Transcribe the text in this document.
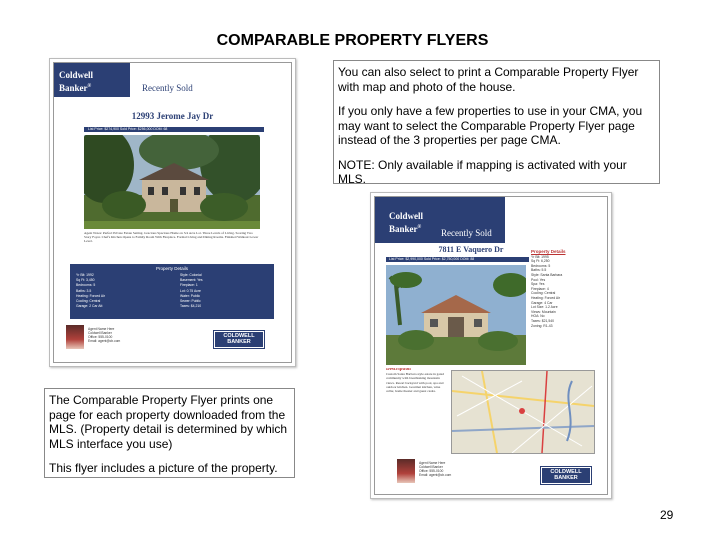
COMPARABLE PROPERTY FLYERS
Coldwell
Banker®	Recently Sold
12993 Jerome Jay Dr
List Price: $274,900 Sold Price: $256,000 DOM: 68
Agent Notes: Perfect Private Estate Setting. Gracious Spacious Home on 3/4 Acre Lot. Three Levels of Living. Soaring Two Story Foyer. Chef's Kitchen Opens to Family Room With Fireplace. Formal Living and Dining Rooms. Finished Walkout Lower Level.
Property Details
Yr Blt: 1992
Sq Ft: 3,450
Bedrooms: 5
Baths: 3.5
Heating: Forced Air
Cooling: Central
Garage: 2 Car Att
Style: Colonial
Basement: Yes
Fireplace: 1
Lot: 0.75 Acre
Water: Public
Sewer: Public
Taxes: $4,210
Agent Name Here
Coldwell Banker
Office: 555-0100
Email: agent@cb.com
COLDWELL
BANKER

You can also select to print a Comparable Property Flyer with map and photo of the house.

If you only have a few properties to use in your CMA, you may want to select the Comparable Property Flyer page instead of the 3 properties per page CMA.

NOTE: Only available if mapping is activated with your MLS.

Coldwell
Banker®
Recently Sold
7811 E Vaquero Dr
List Price: $2,990,000 Sold Price: $2,750,000 DOM: 88
Property Details
Yr Blt: 1995
Sq Ft: 6,250
Bedrooms: 5
Baths: 5.5
Style: Santa Barbara
Pool: Yes
Spa: Yes
Fireplace: 4
Cooling: Central
Heating: Forced Air
Garage: 4 Car
Lot Size: 1.2 Acre
Views: Mountain
HOA: No
Taxes: $21,540
Zoning: R1-43
Description
Custom Santa Barbara style estate in gated community with breathtaking mountain views. Resort backyard with pool, spa and outdoor kitchen. Gourmet kitchen, wine cellar, home theater and guest casita.
Agent Name Here
Coldwell Banker
Office: 555-0100
Email: agent@cb.com	COLDWELL
BANKER

The Comparable Property Flyer prints one page for each property downloaded from the MLS. (Property detail is determined by which MLS interface you use)

This flyer includes a picture of the property.

29
